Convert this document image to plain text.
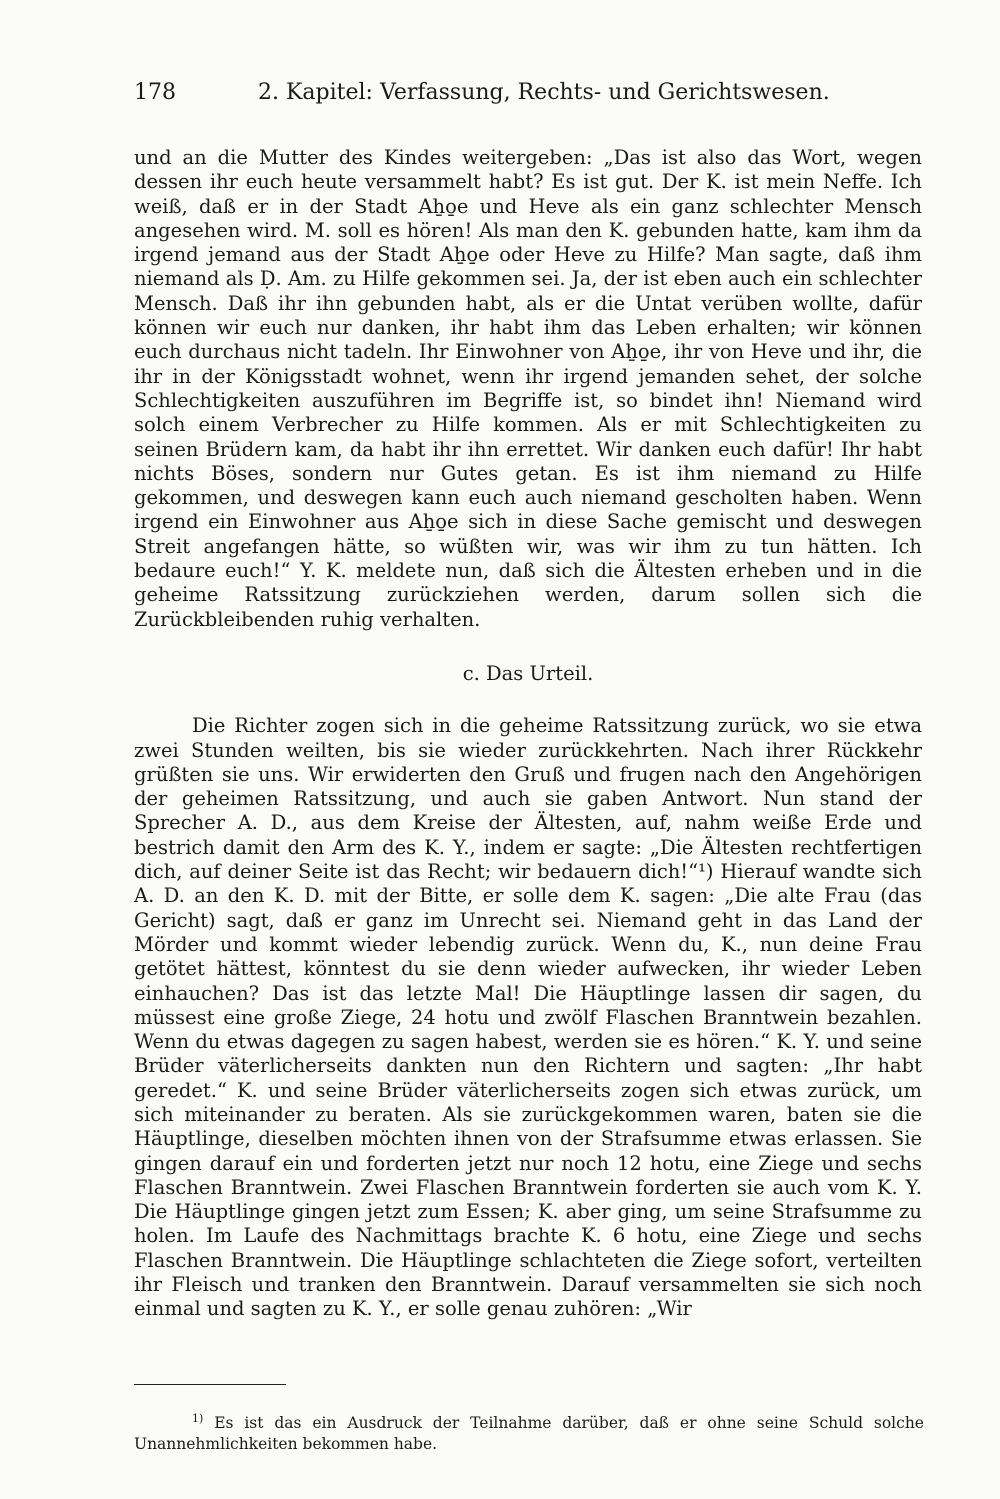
178	2. Kapitel: Verfassung, Rechts- und Gerichtswesen.

und an die Mutter des Kindes weitergeben: „Das ist also das Wort, wegen dessen ihr euch heute versammelt habt? Es ist gut. Der K. ist mein Neffe. Ich weiß, daß er in der Stadt Aẖo̱e und Heve als ein ganz schlechter Mensch angesehen wird. M. soll es hören! Als man den K. gebunden hatte, kam ihm da irgend jemand aus der Stadt Aẖo̱e oder Heve zu Hilfe? Man sagte, daß ihm niemand als Ḍ. Am. zu Hilfe gekommen sei. Ja, der ist eben auch ein schlechter Mensch. Daß ihr ihn gebunden habt, als er die Untat verüben wollte, dafür können wir euch nur danken, ihr habt ihm das Leben erhalten; wir können euch durchaus nicht tadeln. Ihr Einwohner von Aẖo̱e, ihr von Heve und ihr, die ihr in der Königsstadt wohnet, wenn ihr irgend jemanden sehet, der solche Schlechtigkeiten auszuführen im Begriffe ist, so bindet ihn! Niemand wird solch einem Verbrecher zu Hilfe kommen. Als er mit Schlechtigkeiten zu seinen Brüdern kam, da habt ihr ihn errettet. Wir danken euch dafür! Ihr habt nichts Böses, sondern nur Gutes getan. Es ist ihm niemand zu Hilfe gekommen, und deswegen kann euch auch niemand gescholten haben. Wenn irgend ein Einwohner aus Aẖo̱e sich in diese Sache gemischt und deswegen Streit angefangen hätte, so wüßten wir, was wir ihm zu tun hätten. Ich bedaure euch!“ Y. K. meldete nun, daß sich die Ältesten erheben und in die geheime Ratssitzung zurückziehen werden, darum sollen sich die Zurückbleibenden ruhig verhalten.

c. Das Urteil.

Die Richter zogen sich in die geheime Ratssitzung zurück, wo sie etwa zwei Stunden weilten, bis sie wieder zurückkehrten. Nach ihrer Rückkehr grüßten sie uns. Wir erwiderten den Gruß und frugen nach den Angehörigen der geheimen Ratssitzung, und auch sie gaben Antwort. Nun stand der Sprecher A. D., aus dem Kreise der Ältesten, auf, nahm weiße Erde und bestrich damit den Arm des K. Y., indem er sagte: „Die Ältesten rechtfertigen dich, auf deiner Seite ist das Recht; wir bedauern dich!“¹) Hierauf wandte sich A. D. an den K. D. mit der Bitte, er solle dem K. sagen: „Die alte Frau (das Gericht) sagt, daß er ganz im Unrecht sei. Niemand geht in das Land der Mörder und kommt wieder lebendig zurück. Wenn du, K., nun deine Frau getötet hättest, könntest du sie denn wieder aufwecken, ihr wieder Leben einhauchen? Das ist das letzte Mal! Die Häuptlinge lassen dir sagen, du müssest eine große Ziege, 24 hotu und zwölf Flaschen Branntwein bezahlen. Wenn du etwas dagegen zu sagen habest, werden sie es hören.“ K. Y. und seine Brüder väterlicherseits dankten nun den Richtern und sagten: „Ihr habt geredet.“ K. und seine Brüder väterlicherseits zogen sich etwas zurück, um sich miteinander zu beraten. Als sie zurückgekommen waren, baten sie die Häuptlinge, dieselben möchten ihnen von der Strafsumme etwas erlassen. Sie gingen darauf ein und forderten jetzt nur noch 12 hotu, eine Ziege und sechs Flaschen Branntwein. Zwei Flaschen Branntwein forderten sie auch vom K. Y. Die Häuptlinge gingen jetzt zum Essen; K. aber ging, um seine Strafsumme zu holen. Im Laufe des Nachmittags brachte K. 6 hotu, eine Ziege und sechs Flaschen Branntwein. Die Häuptlinge schlachteten die Ziege sofort, verteilten ihr Fleisch und tranken den Branntwein. Darauf versammelten sie sich noch einmal und sagten zu K. Y., er solle genau zuhören: „Wir

$^{1)}$ Es ist das ein Ausdruck der Teilnahme darüber, daß er ohne seine Schuld solche Unannehmlichkeiten bekommen habe.
